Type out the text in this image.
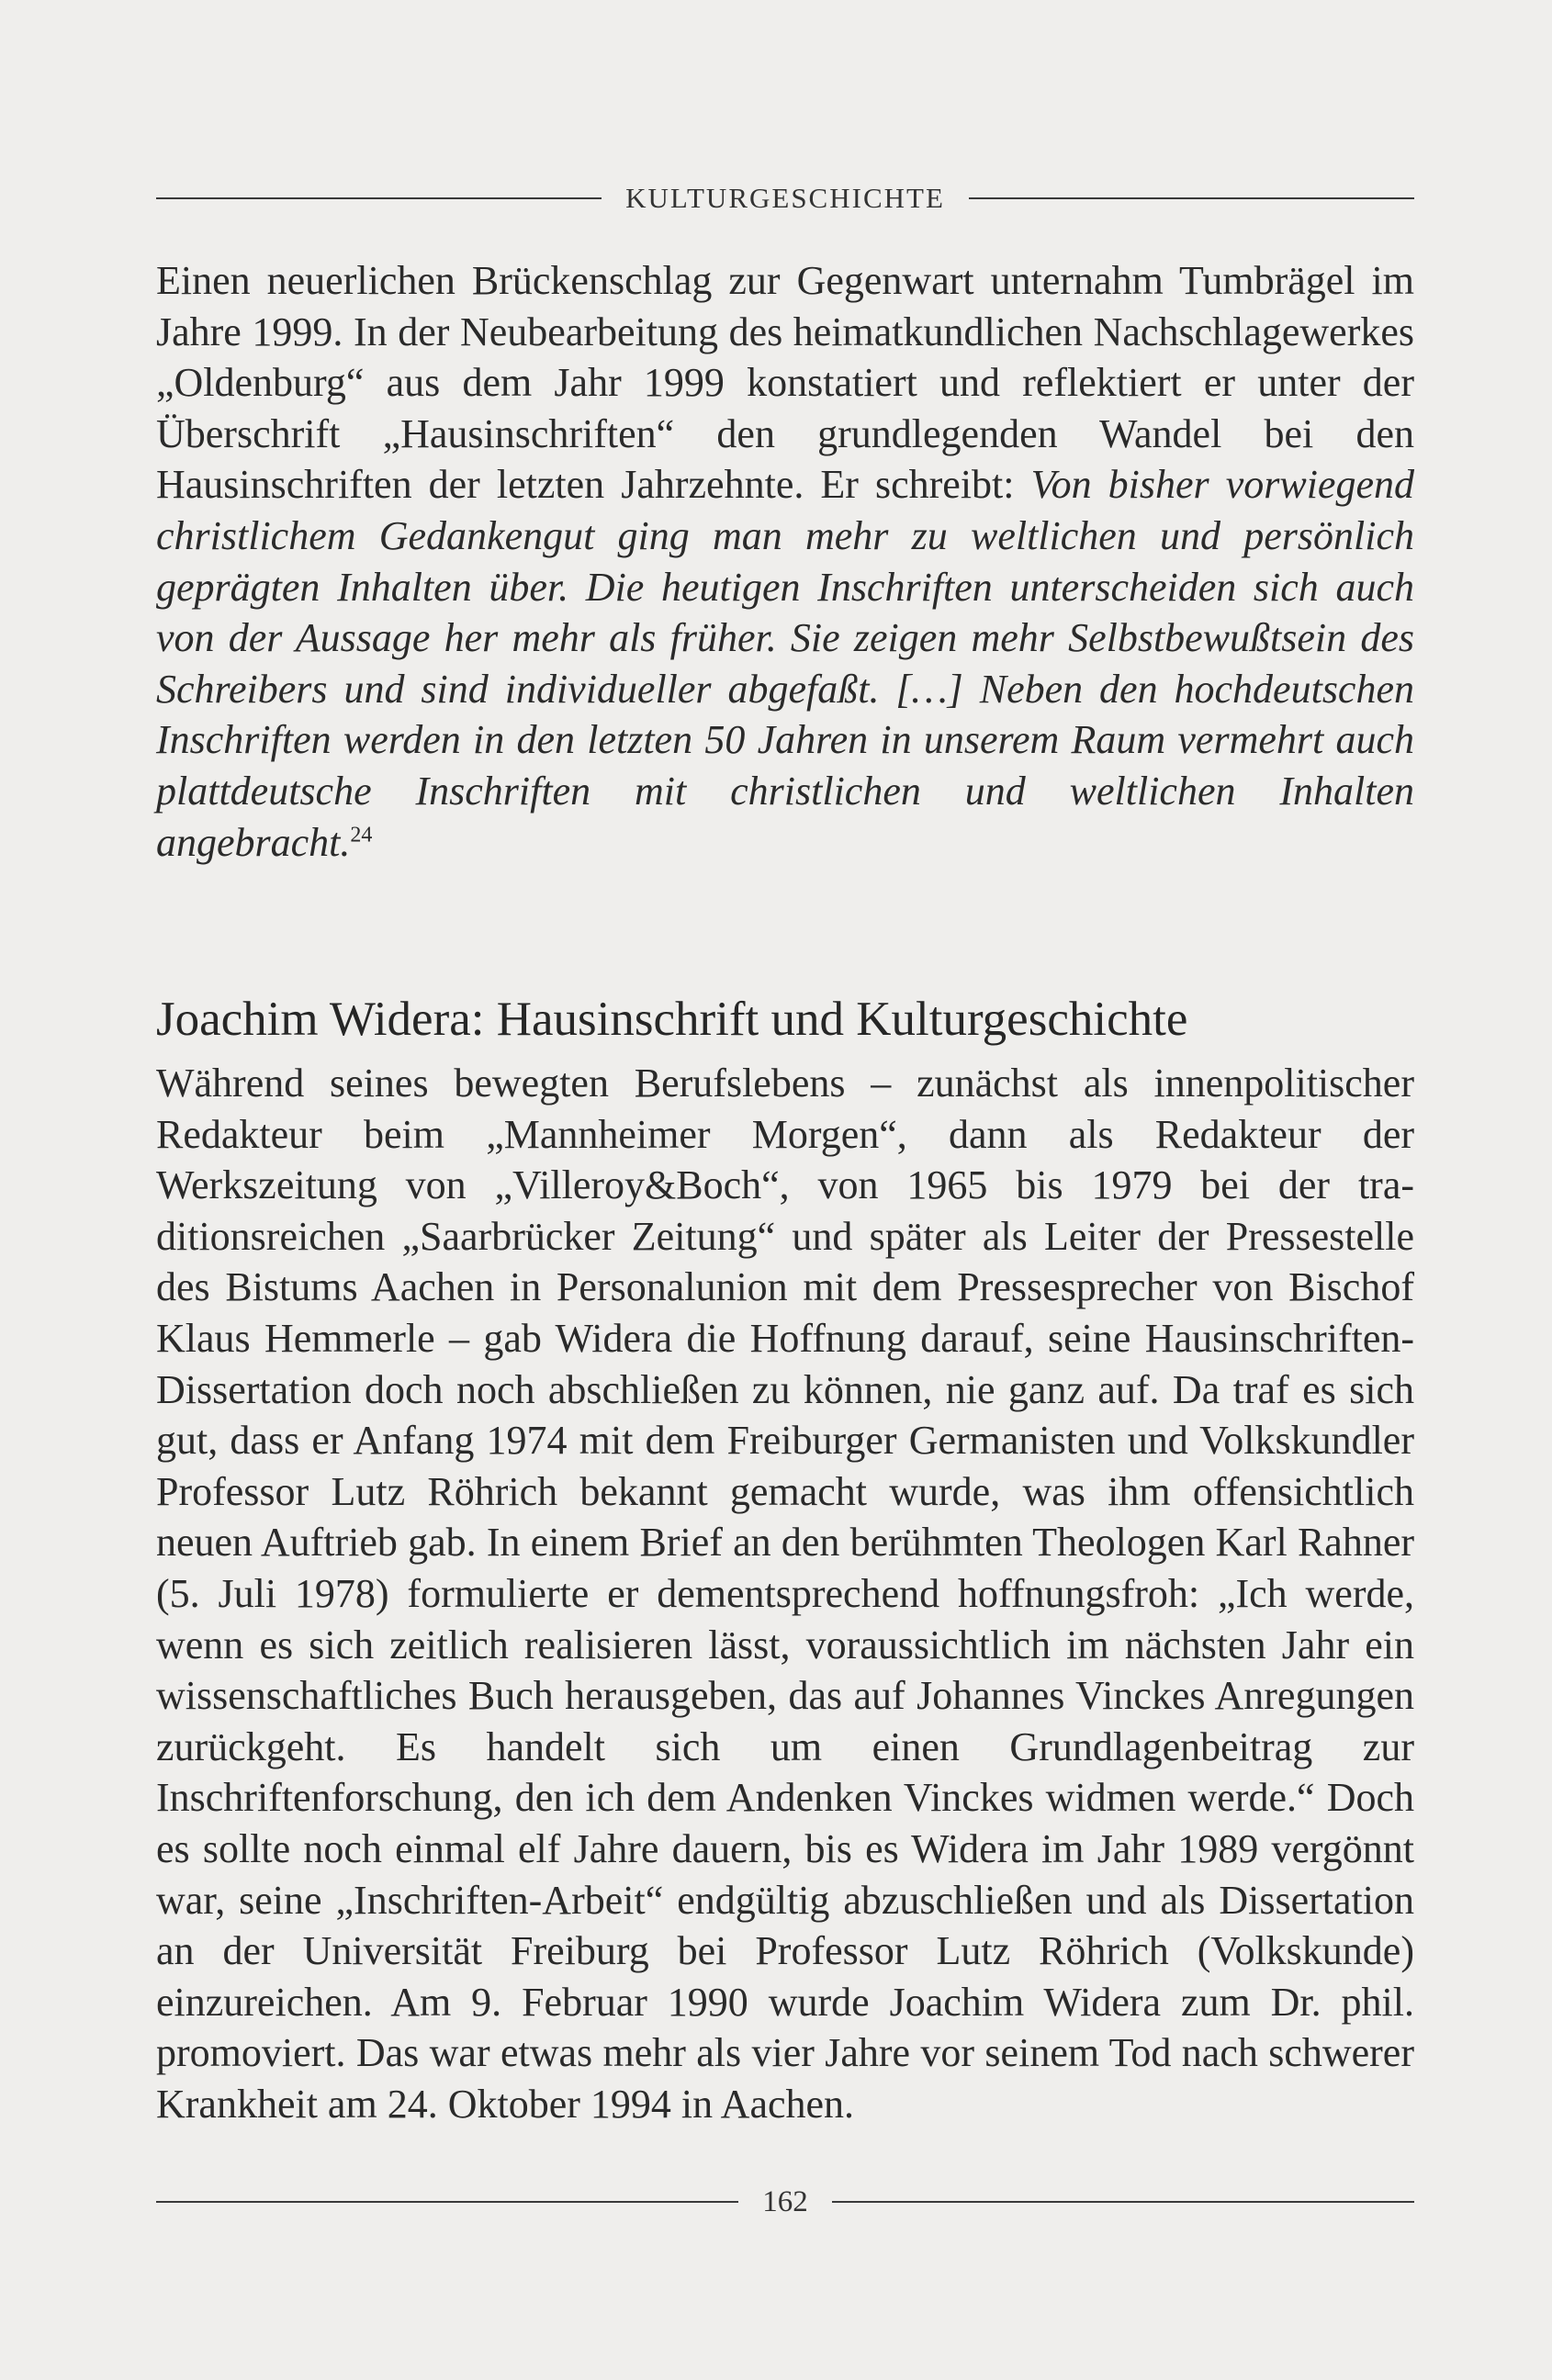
KULTURGESCHICHTE

Einen neuerlichen Brückenschlag zur Gegenwart unternahm Tumbrägel im Jahre 1999. In der Neubearbeitung des heimatkundlichen Nachschlagewerkes „Oldenburg“ aus dem Jahr 1999 konstatiert und reflektiert er unter der Überschrift „Hausinschriften“ den grundlegenden Wandel bei den Hausinschriften der letzten Jahrzehnte. Er schreibt: Von bisher vorwiegend christlichem Gedankengut ging man mehr zu weltlichen und persönlich geprägten Inhalten über. Die heutigen Inschriften unterscheiden sich auch von der Aussage her mehr als früher. Sie zeigen mehr Selbstbewußtsein des Schreibers und sind individueller abgefaßt. […] Neben den hochdeutschen Inschriften werden in den letzten 50 Jahren in unserem Raum vermehrt auch plattdeutsche Inschriften mit christlichen und weltlichen Inhalten angebracht.$^{24}$

Joachim Widera: Hausinschrift und Kulturgeschichte

Während seines bewegten Berufslebens – zunächst als innenpolitischer Redakteur beim „Mannheimer Morgen“, dann als Redakteur der Werkszeitung von „Villeroy&Boch“, von 1965 bis 1979 bei der traditionsreichen „Saarbrücker Zeitung“ und später als Leiter der Pressestelle des Bistums Aachen in Personalunion mit dem Pressesprecher von Bischof Klaus Hemmerle – gab Widera die Hoffnung darauf, seine Hausinschriften-Dissertation doch noch abschließen zu können, nie ganz auf. Da traf es sich gut, dass er Anfang 1974 mit dem Freiburger Germanisten und Volkskundler Professor Lutz Röhrich bekannt gemacht wurde, was ihm offensichtlich neuen Auftrieb gab. In einem Brief an den berühmten Theologen Karl Rahner (5. Juli 1978) formulierte er dementsprechend hoffnungsfroh: „Ich werde, wenn es sich zeitlich realisieren lässt, voraussichtlich im nächsten Jahr ein wissenschaftliches Buch herausgeben, das auf Johannes Vinckes Anregungen zurückgeht. Es handelt sich um einen Grundlagenbeitrag zur Inschriftenforschung, den ich dem Andenken Vinckes widmen werde.“ Doch es sollte noch einmal elf Jahre dauern, bis es Widera im Jahr 1989 vergönnt war, seine „Inschriften-Arbeit“ endgültig abzuschließen und als Dissertation an der Universität Freiburg bei Professor Lutz Röhrich (Volkskunde) einzureichen. Am 9. Februar 1990 wurde Joachim Widera zum Dr. phil. promoviert. Das war etwas mehr als vier Jahre vor seinem Tod nach schwerer Krankheit am 24. Oktober 1994 in Aachen.

162
